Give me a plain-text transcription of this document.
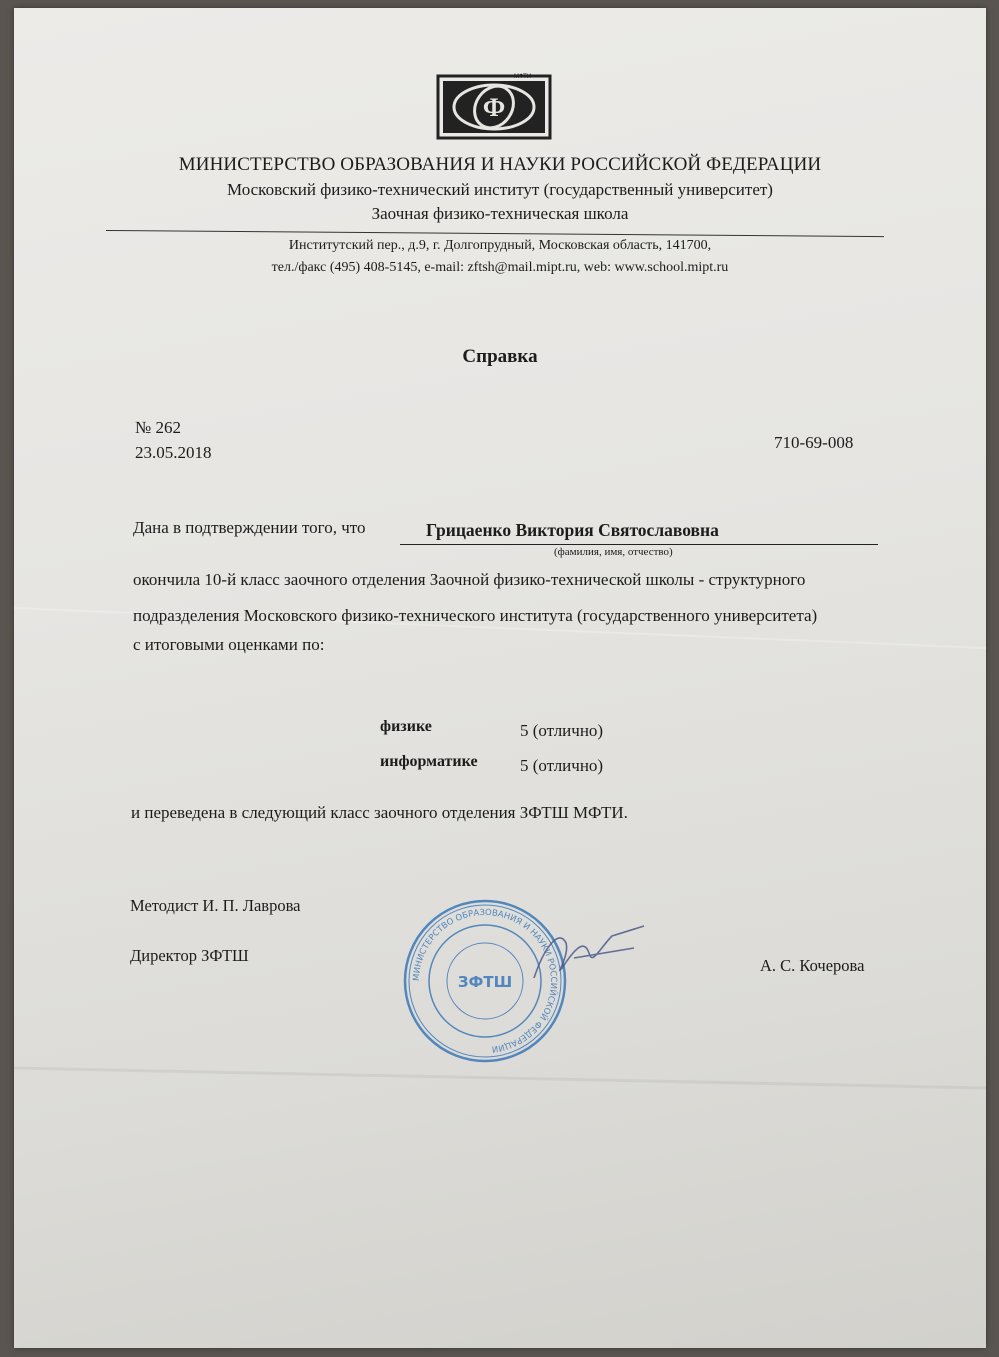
Ф
МФТИ
МИНИСТЕРСТВО ОБРАЗОВАНИЯ И НАУКИ РОССИЙСКОЙ ФЕДЕРАЦИИ
Московский физико-технический институт (государственный университет)
Заочная физико-техническая школа
Институтский пер., д.9, г. Долгопрудный, Московская область, 141700,
тел./факс (495) 408-5145, e-mail: zftsh@mail.mipt.ru, web: www.school.mipt.ru
Справка
№ 262
23.05.2018
710-69-008
Дана в подтверждении того, что	Грицаенко Виктория Святославовна
(фамилия, имя, отчество)
окончила 10-й класс заочного отделения Заочной физико-технической школы - структурного
подразделения Московского физико-технического института (государственного университета)
с итоговыми оценками по:
физике	5 (отлично)
информатике 5 (отлично)
и переведена в следующий класс заочного отделения ЗФТШ МФТИ.
Методист И. П. Лаврова
Директор ЗФТШ
А. С. Кочерова
МИНИСТЕРСТВО ОБРАЗОВАНИЯ И НАУКИ РОССИЙСКОЙ ФЕДЕРАЦИИ
ЗФТШ
